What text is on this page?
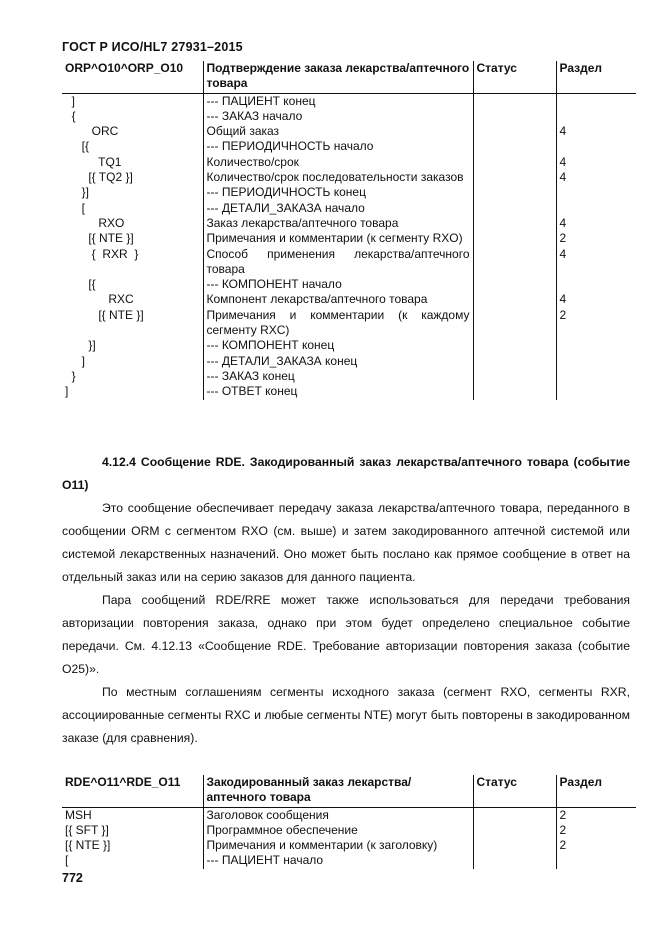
ГОСТ Р ИСО/HL7 27931–2015
ORP^O10^ORP_O10	Подтверждение заказа лекарства/аптечного товара	Статус	Раздел
]	--- ПАЦИЕНТ конец		
{	--- ЗАКАЗ начало		
ORC	Общий заказ		4
[{	--- ПЕРИОДИЧНОСТЬ начало		
TQ1	Количество/срок		4
[{ TQ2 }]	Количество/срок последовательности заказов		4
}]	--- ПЕРИОДИЧНОСТЬ конец		
[	--- ДЕТАЛИ_ЗАКАЗА начало		
RXO	Заказ лекарства/аптечного товара		4
[{ NTE }]	Примечания и комментарии (к сегменту RXO)		2
{  RXR  }	Способ применения лекарства/аптечного товара		4
[{	--- КОМПОНЕНТ начало		
RXC	Компонент лекарства/аптечного товара		4
[{ NTE }]	Примечания и комментарии (к каждому сегменту RXC)		2
}]	--- КОМПОНЕНТ конец		
]	--- ДЕТАЛИ_ЗАКАЗА конец		
}	--- ЗАКАЗ конец		
]	--- ОТВЕТ конец		

4.12.4 Сообщение RDE. Закодированный заказ лекарства/аптечного товара (событие O11)

Это сообщение обеспечивает передачу заказа лекарства/аптечного товара, переданного в сообщении ORM с сегментом RXO (см. выше) и затем закодированного аптечной системой или системой лекарственных назначений. Оно может быть послано как прямое сообщение в ответ на отдельный заказ или на серию заказов для данного пациента.

Пара сообщений RDE/RRE может также использоваться для передачи требования авторизации повторения заказа, однако при этом будет определено специальное событие передачи. См. 4.12.13 «Сообщение RDE. Требование авторизации повторения заказа (событие O25)».

По местным соглашениям сегменты исходного заказа (сегмент RXO, сегменты RXR, ассоциированные сегменты RXC и любые сегменты NTE) могут быть повторены в закодированном заказе (для сравнения).

RDE^O11^RDE_O11	Закодированный заказ лекарства/аптечного товара	Статус	Раздел
MSH	Заголовок сообщения		2
[{ SFT }]	Программное обеспечение		2
[{ NTE }]	Примечания и комментарии (к заголовку)		2
[	--- ПАЦИЕНТ начало		
772
